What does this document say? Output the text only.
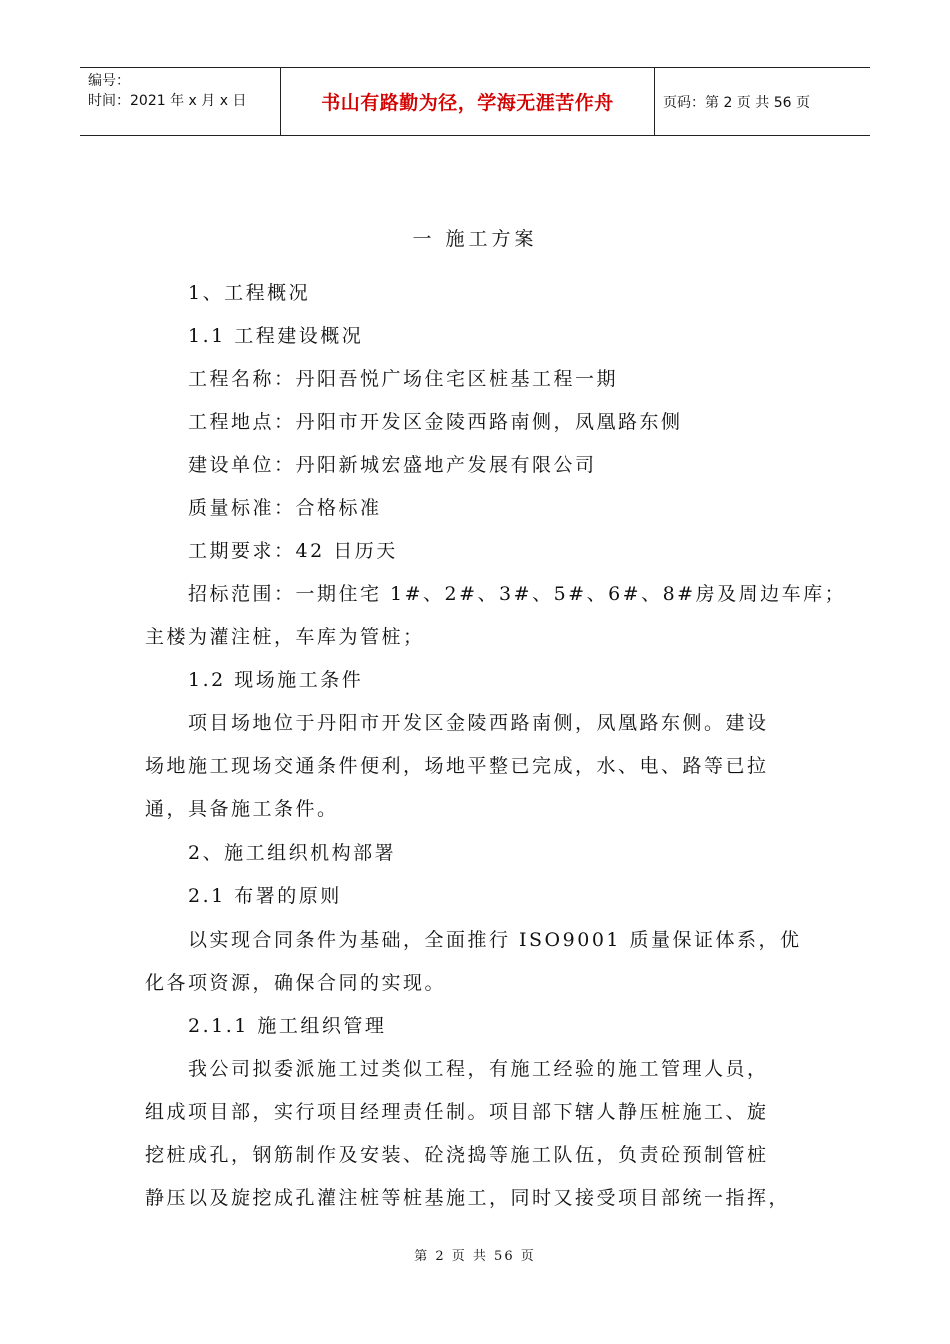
编号：
时间：2021 年 x 月 x 日	书山有路勤为径，学海无涯苦作舟	页码：第 2 页 共 56 页
一 施工方案
1、工程概况
1.1 工程建设概况
工程名称：丹阳吾悦广场住宅区桩基工程一期
工程地点：丹阳市开发区金陵西路南侧，凤凰路东侧
建设单位：丹阳新城宏盛地产发展有限公司
质量标准：合格标准
工期要求：42 日历天
招标范围：一期住宅 1#、2#、3#、5#、6#、8#房及周边车库；
主楼为灌注桩，车库为管桩；
1.2 现场施工条件
项目场地位于丹阳市开发区金陵西路南侧，凤凰路东侧。建设
场地施工现场交通条件便利，场地平整已完成，水、电、路等已拉
通，具备施工条件。
2、施工组织机构部署
2.1 布署的原则
以实现合同条件为基础，全面推行 ISO9001 质量保证体系，优
化各项资源，确保合同的实现。
2.1.1 施工组织管理
我公司拟委派施工过类似工程，有施工经验的施工管理人员，
组成项目部，实行项目经理责任制。项目部下辖人静压桩施工、旋
挖桩成孔，钢筋制作及安装、砼浇捣等施工队伍，负责砼预制管桩
静压以及旋挖成孔灌注桩等桩基施工，同时又接受项目部统一指挥，
第 2 页 共 56 页
